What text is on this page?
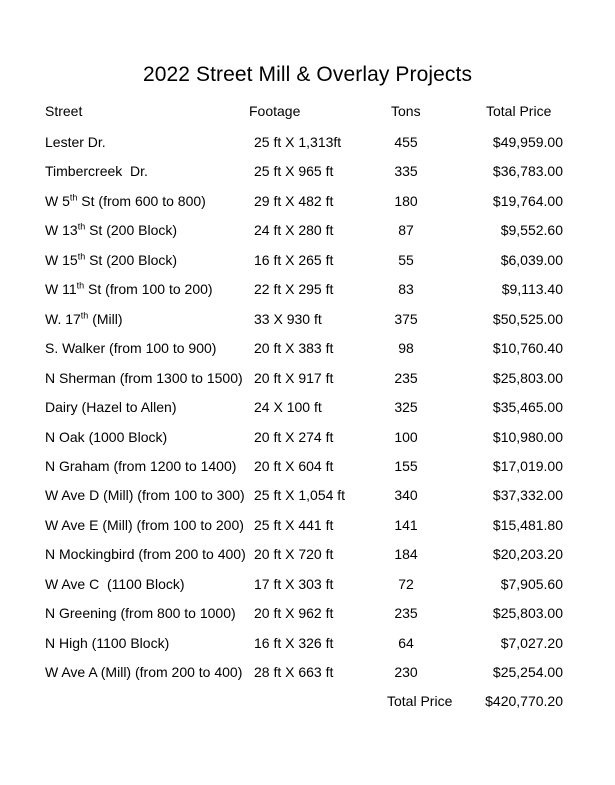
2022 Street Mill & Overlay Projects
Street	Footage	Tons	Total Price
Lester Dr.	25 ft X 1,313ft	455	$49,959.00
Timbercreek  Dr.	25 ft X 965 ft	335	$36,783.00
W 5th St (from 600 to 800)	29 ft X 482 ft	180	$19,764.00
W 13th St (200 Block)	24 ft X 280 ft	87	$9,552.60
W 15th St (200 Block)	16 ft X 265 ft	55	$6,039.00
W 11th St (from 100 to 200)	22 ft X 295 ft	83	$9,113.40
W. 17th (Mill)	33 X 930 ft	375	$50,525.00
S. Walker (from 100 to 900)	20 ft X 383 ft	98	$10,760.40
N Sherman (from 1300 to 1500) 20 ft X 917 ft	235	$25,803.00
Dairy (Hazel to Allen)	24 X 100 ft	325	$35,465.00
N Oak (1000 Block)	20 ft X 274 ft	100	$10,980.00
N Graham (from 1200 to 1400) 20 ft X 604 ft	155	$17,019.00
W Ave D (Mill) (from 100 to 300) 25 ft X 1,054 ft	340	$37,332.00
W Ave E (Mill) (from 100 to 200) 25 ft X 441 ft	141	$15,481.80
N Mockingbird (from 200 to 400) 20 ft X 720 ft	184	$20,203.20
W Ave C  (1100 Block)	17 ft X 303 ft	72	$7,905.60
N Greening (from 800 to 1000) 20 ft X 962 ft	235	$25,803.00
N High (1100 Block)	16 ft X 326 ft	64	$7,027.20
W Ave A (Mill) (from 200 to 400) 28 ft X 663 ft	230	$25,254.00
Total Price	$420,770.20
